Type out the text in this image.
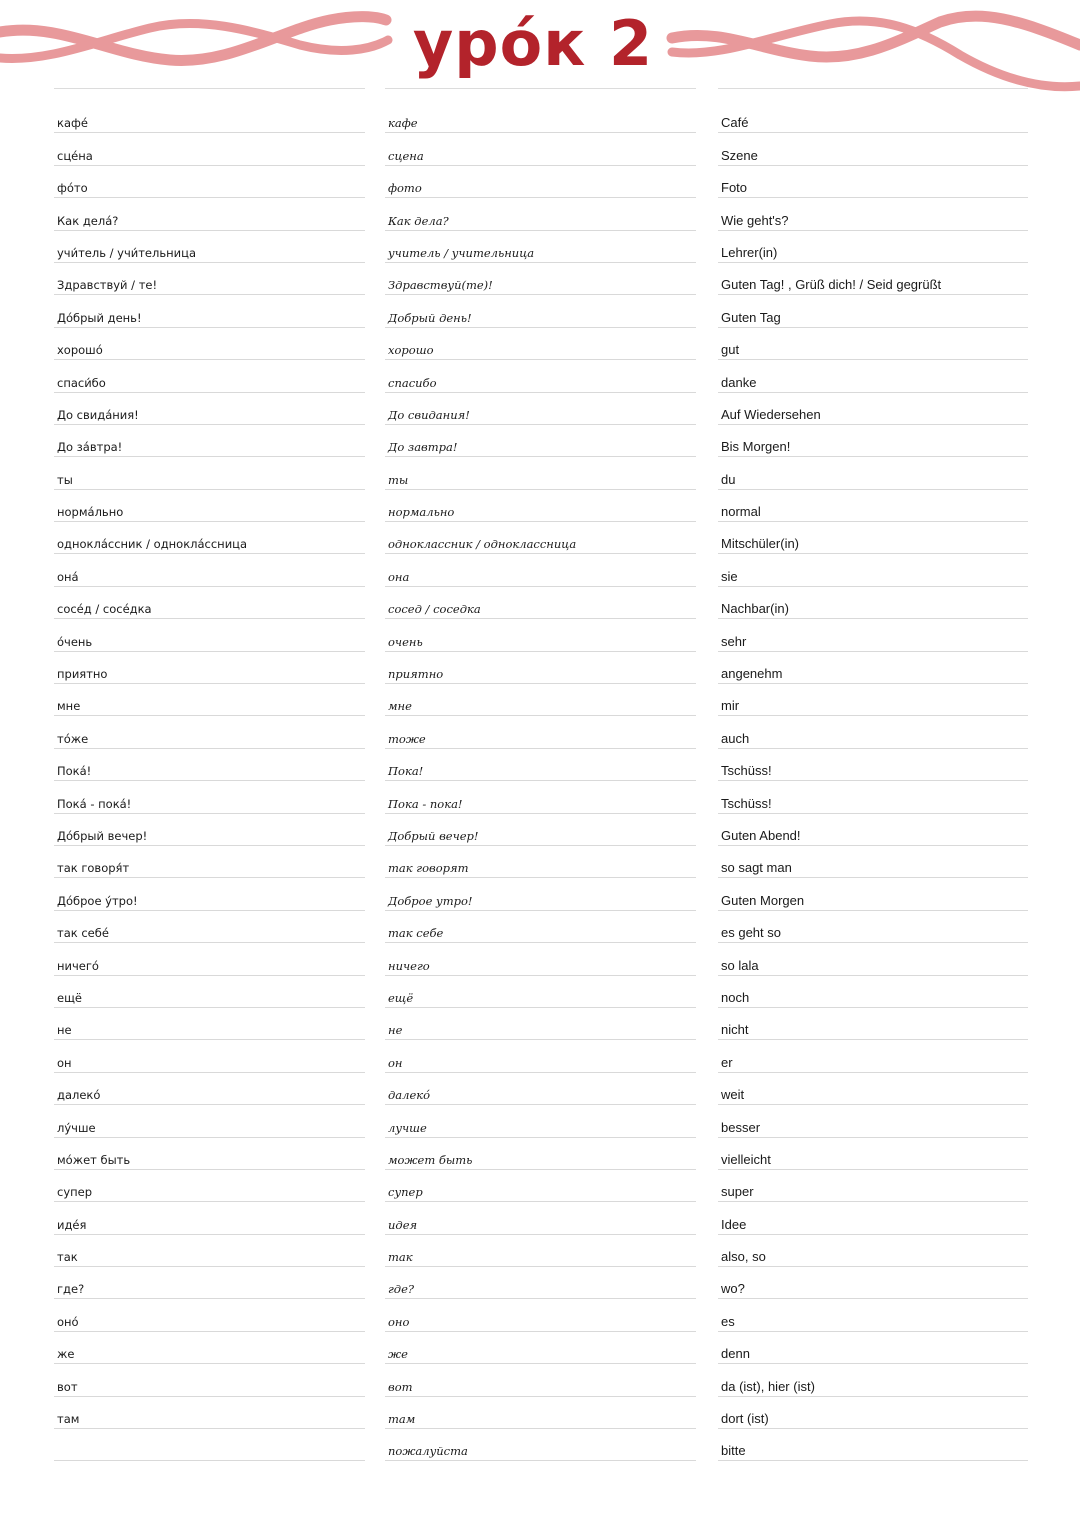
урóк 2
кафé
сцéна
фóто
Как делá?
учи́тель / учи́тельница
Здравствуй / те!
Дóбрый день!
хорошó
спаси́бо
До свидáния!
До зáвтра!
ты
нормáльно
одноклáссник / одноклáссница
онá
сосéд / сосéдка
óчень
приятно
мне
тóже
Покá!
Покá - покá!
Дóбрый вечер!
так говоря́т
Дóброе ýтро!
так себé
ничегó
ещё
не
он
далекó
лýчше
мóжет быть
супер
идéя
так
где?
онó
же
вот
там
кафе
сцена
фото
Как дела?
учитель / учительница
Здравствуй(те)!
Добрый день!
хорошо
спасибо
До свидания!
До завтра!
ты
нормально
одноклассник / одноклассница
она
сосед / соседка
очень
приятно
мне
тоже
Пока!
Пока - пока!
Добрый вечер!
так говорят
Доброе утро!
так себе
ничего
ещё
не
он
далекó
лучше
может быть
супер
идея
так
где?
оно
же
вот
там
пожалуйста
Café
Szene
Foto
Wie geht's?
Lehrer(in)
Guten Tag! , Grüß dich! / Seid gegrüßt
Guten Tag
gut
danke
Auf Wiedersehen
Bis Morgen!
du
normal
Mitschüler(in)
sie
Nachbar(in)
sehr
angenehm
mir
auch
Tschüss!
Tschüss!
Guten Abend!
so sagt man
Guten Morgen
es geht so
so lala
noch
nicht
er
weit
besser
vielleicht
super
Idee
also, so
wo?
es
denn
da (ist), hier (ist)
dort (ist)
bitte
